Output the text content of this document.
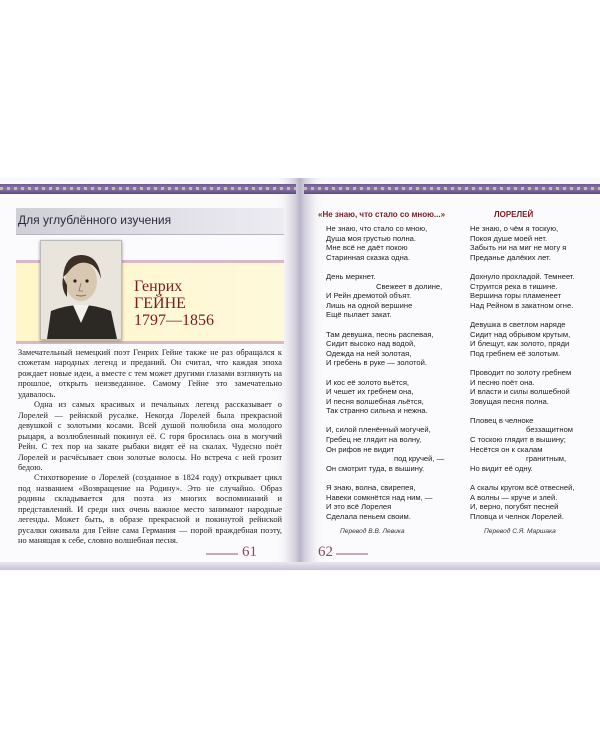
Для углублённого изучения
Генрих
ГЕЙНЕ
1797—1856

Замечательный немецкий поэт Генрих Гейне также не раз обращался к сюжетам народных легенд и преданий. Он считал, что каждая эпоха рождает новые идеи, а вместе с тем может другими глазами взглянуть на прошлое, открыть неизведанное. Самому Гейне это замечательно удавалось.

Одна из самых красивых и печальных легенд рассказывает о Лорелей — рейнской русалке. Некогда Лорелей была прекрасной девушкой с золотыми косами. Всей душой полюбила она молодого рыцаря, а возлюбленный покинул её. С горя бросилась она в могучий Рейн. С тех пор на закате рыбаки видят её на скалах. Чудесно поёт Лорелей и расчёсывает свои золотые волосы. Но встреча с ней грозит бедою.

Стихотворение о Лорелей (созданное в 1824 году) открывает цикл под названием «Возвращение на Родину». Это не случайно. Образ родины складывается для поэта из многих воспоминаний и представлений. И среди них очень важное место занимают народные легенды. Может быть, в образе прекрасной и покинутой рейнской русалки оживала для Гейне сама Германия — порой враждебная поэту, но манящая к себе, словно волшебная песня.

61	62
«Не знаю, что стало со мною...»	ЛОРЕЛЕЙ
Не знаю, что стало со мною,
Душа моя грустью полна.
Мне всё не даёт покою
Старинная сказка одна.
День меркнет.
Свежеет в долине,
И Рейн дремотой объят.
Лишь на одной вершине
Ещё пылает закат.
Там девушка, песнь распевая,
Сидит высоко над водой,
Одежда на ней золотая,
И гребень в руке — золотой.
И кос её золото вьётся,
И чешет их гребнем она,
И песня волшебная льётся,
Так странно сильна и нежна.
И, силой пленённый могучей,
Гребец не глядит на волну,
Он рифов не видит
под кручей, —
Он смотрит туда, в вышину.
Я знаю, волна, свирепея,
Навеки сомкнётся над ним, —
И это всё Лорелея
Сделала пеньем своим.
Не знаю, о чём я тоскую,
Покоя душе моей нет.
Забыть ни на миг не могу я
Преданье далёких лет.
Дохнуло прохладой. Темнеет.
Струится река в тишине.
Вершина горы пламенеет
Над Рейном в закатном огне.
Девушка в светлом наряде
Сидит над обрывом крутым,
И блещут, как золото, пряди
Под гребнем её золотым.
Проводит по золоту гребнем
И песню поёт она.
И власти и силы волшебной
Зовущая песня полна.
Пловец в челноке
беззащитном
С тоскою глядит в вышину;
Несётся он к скалам
гранитным,
Но видит её одну.
А скалы кругом всё отвесней,
А волны — круче и злей.
И, верно, погубят песней
Пловца и челнок Лорелей.
Перевод В.В. Левика	Перевод С.Я. Маршака
